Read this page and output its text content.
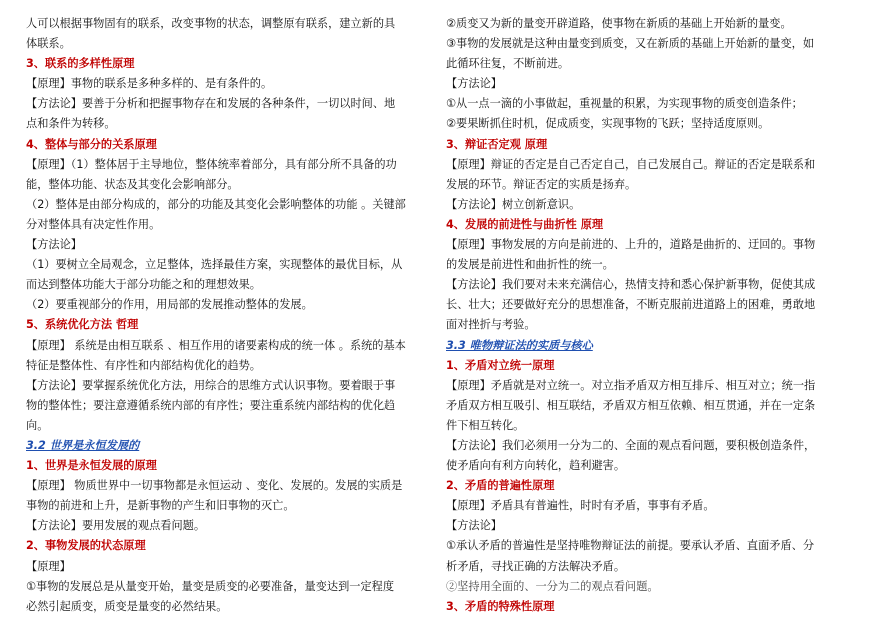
人可以根据事物固有的联系，改变事物的状态，调整原有联系，建立新的具
体联系。
3、联系的多样性原理
【原理】事物的联系是多种多样的、是有条件的。
【方法论】要善于分析和把握事物存在和发展的各种条件，一切以时间、地
点和条件为转移。
4、整体与部分的关系原理
【原理】（1）整体居于主导地位，整体统率着部分，具有部分所不具备的功
能，整体功能、状态及其变化会影响部分。
（2）整体是由部分构成的，部分的功能及其变化会影响整体的功能 。关键部
分对整体具有决定性作用。
【方法论】
（1）要树立全局观念，立足整体，选择最佳方案，实现整体的最优目标，从
而达到整体功能大于部分功能之和的理想效果。
（2）要重视部分的作用，用局部的发展推动整体的发展。
5、系统优化方法 哲理
【原理】 系统是由相互联系 、相互作用的诸要素构成的统一体 。系统的基本
特征是整体性、有序性和内部结构优化的趋势。
【方法论】要掌握系统优化方法，用综合的思维方式认识事物。要着眼于事
物的整体性；要注意遵循系统内部的有序性；要注重系统内部结构的优化趋
向。
3.2 世界是永恒发展的
1、世界是永恒发展的原理
【原理】 物质世界中一切事物都是永恒运动 、变化、发展的。发展的实质是
事物的前进和上升，是新事物的产生和旧事物的灭亡。
【方法论】要用发展的观点看问题。
2、事物发展的状态原理
【原理】
①事物的发展总是从量变开始，量变是质变的必要准备，量变达到一定程度
必然引起质变，质变是量变的必然结果。
②质变又为新的量变开辟道路，使事物在新质的基础上开始新的量变。
③事物的发展就是这种由量变到质变，又在新质的基础上开始新的量变，如
此循环往复，不断前进。
【方法论】
①从一点一滴的小事做起，重视量的积累，为实现事物的质变创造条件；
②要果断抓住时机，促成质变，实现事物的飞跃；坚持适度原则。
3、辩证否定观 原理
【原理】辩证的否定是自己否定自己，自己发展自己。辩证的否定是联系和
发展的环节。辩证否定的实质是扬弃。
【方法论】树立创新意识。
4、发展的前进性与曲折性 原理
【原理】事物发展的方向是前进的、上升的，道路是曲折的、迂回的。事物
的发展是前进性和曲折性的统一。
【方法论】我们要对未来充满信心，热情支持和悉心保护新事物，促使其成
长、壮大；还要做好充分的思想准备，不断克服前进道路上的困难，勇敢地
面对挫折与考验。
3.3 唯物辩证法的实质与核心
1、矛盾对立统一原理
【原理】矛盾就是对立统一。对立指矛盾双方相互排斥、相互对立；统一指
矛盾双方相互吸引、相互联结，矛盾双方相互依赖、相互贯通，并在一定条
件下相互转化。
【方法论】我们必须用一分为二的、全面的观点看问题，要积极创造条件，
使矛盾向有利方向转化，趋利避害。
2、矛盾的普遍性原理
【原理】矛盾具有普遍性，时时有矛盾，事事有矛盾。
【方法论】
①承认矛盾的普遍性是坚持唯物辩证法的前提。要承认矛盾、直面矛盾、分
析矛盾，寻找正确的方法解决矛盾。
②坚持用全面的、一分为二的观点看问题。
3、矛盾的特殊性原理
